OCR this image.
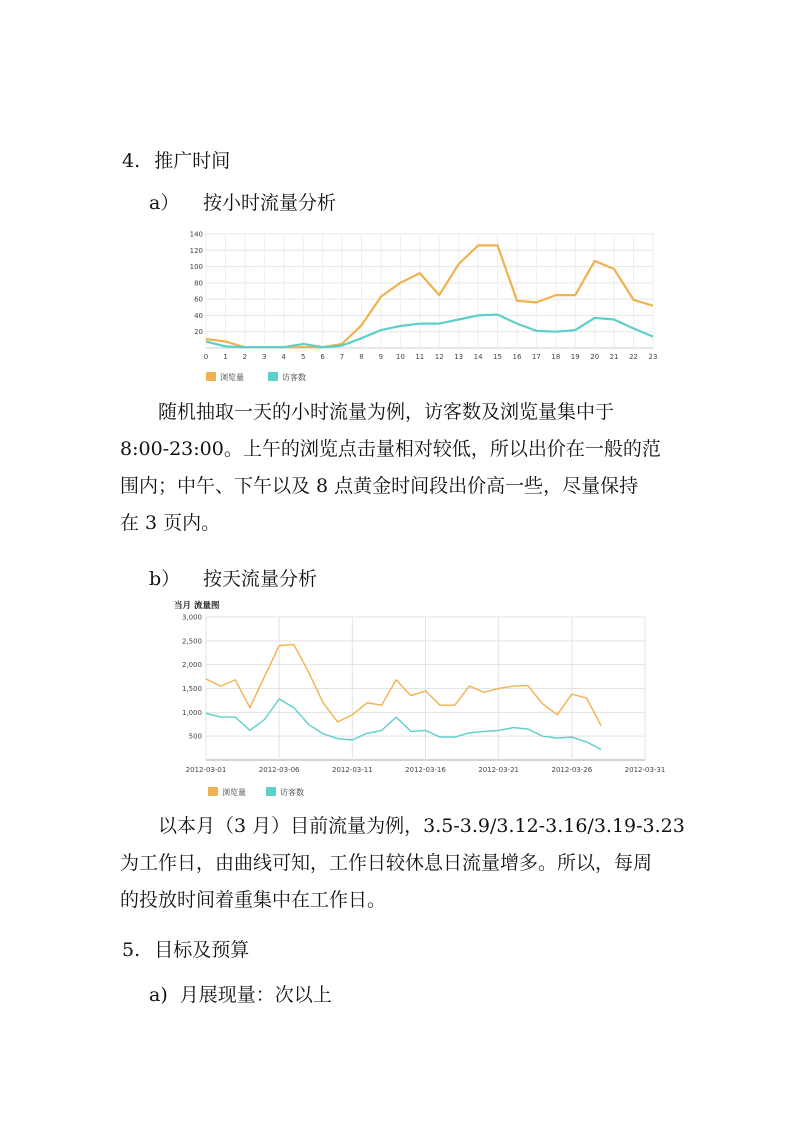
4. 推广时间
a） 按小时流量分析
20
40
60
80
100
120
140
0 1 2 3 4 5 6 7 8 9 10 11 12 13 14 15 16 17 18 19 20 21 22 23
浏览量	访客数
　　随机抽取一天的小时流量为例，访客数及浏览量集中于
8:00-23:00。上午的浏览点击量相对较低，所以出价在一般的范
围内；中午、下午以及 8 点黄金时间段出价高一些，尽量保持
在 3 页内。
b） 按天流量分析
当月 流量图
500
1,000
1,500
2,000
2,500
3,000
2012-03-01	2012-03-06	2012-03-11	2012-03-16	2012-03-21	2012-03-26	2012-03-31
浏览量	访客数
　　以本月（3 月）目前流量为例，3.5-3.9/3.12-3.16/3.19-3.23
为工作日，由曲线可知，工作日较休息日流量增多。所以，每周
的投放时间着重集中在工作日。
5. 目标及预算
a) 月展现量：次以上
